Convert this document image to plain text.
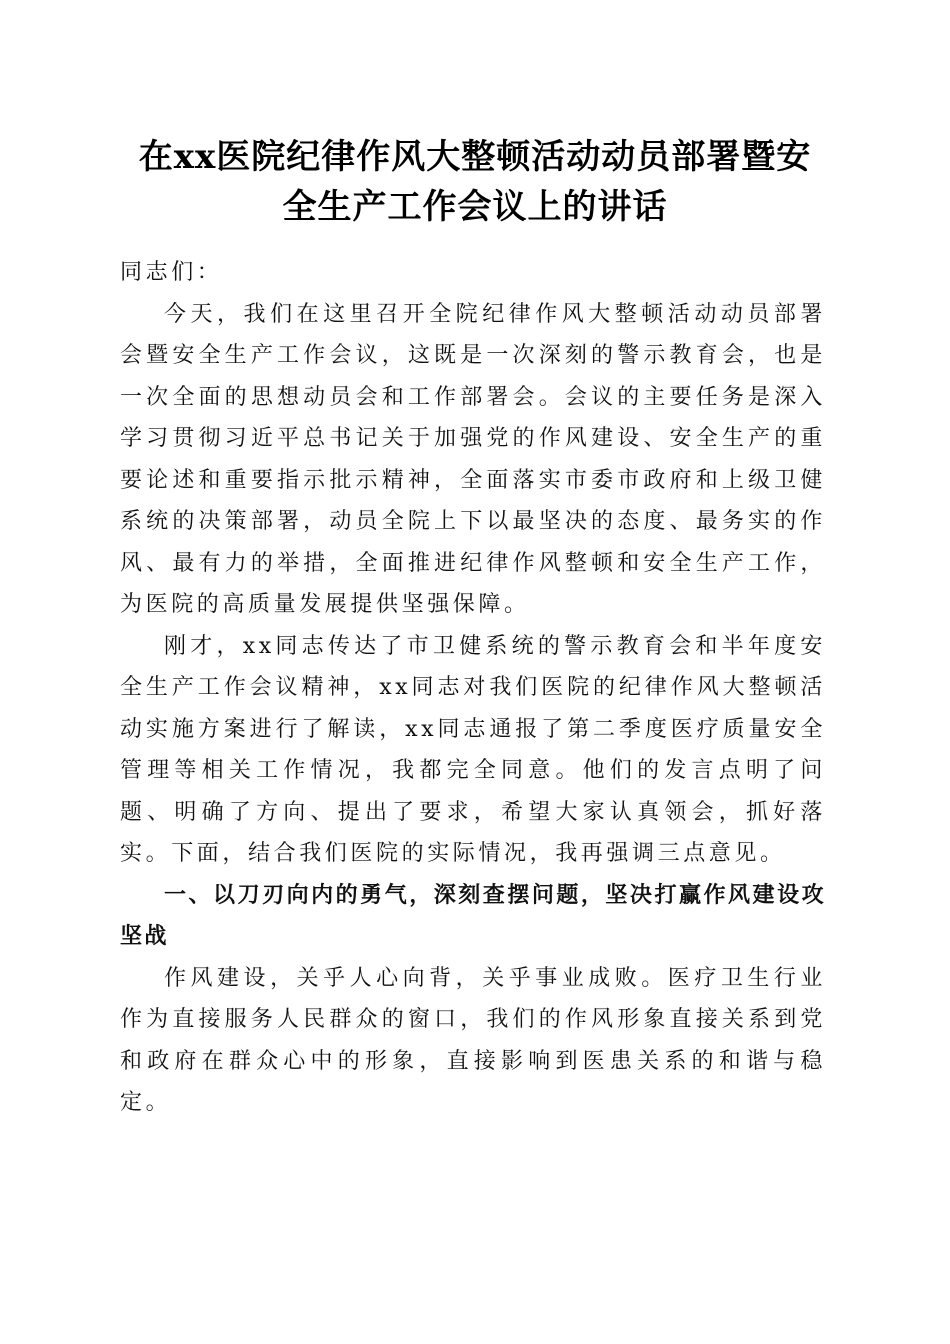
在xx医院纪律作风大整顿活动动员部署暨安
全生产工作会议上的讲话

同志们：

今天，我们在这里召开全院纪律作风大整顿活动动员部署会暨安全生产工作会议，这既是一次深刻的警示教育会，也是一次全面的思想动员会和工作部署会。会议的主要任务是深入学习贯彻习近平总书记关于加强党的作风建设、安全生产的重要论述和重要指示批示精神，全面落实市委市政府和上级卫健系统的决策部署，动员全院上下以最坚决的态度、最务实的作风、最有力的举措，全面推进纪律作风整顿和安全生产工作，为医院的高质量发展提供坚强保障。

刚才，xx同志传达了市卫健系统的警示教育会和半年度安全生产工作会议精神，xx同志对我们医院的纪律作风大整顿活动实施方案进行了解读，xx同志通报了第二季度医疗质量安全管理等相关工作情况，我都完全同意。他们的发言点明了问题、明确了方向、提出了要求，希望大家认真领会，抓好落实。下面，结合我们医院的实际情况，我再强调三点意见。

一、以刀刃向内的勇气，深刻查摆问题，坚决打赢作风建设攻坚战

作风建设，关乎人心向背，关乎事业成败。医疗卫生行业作为直接服务人民群众的窗口，我们的作风形象直接关系到党和政府在群众心中的形象，直接影响到医患关系的和谐与稳定。
